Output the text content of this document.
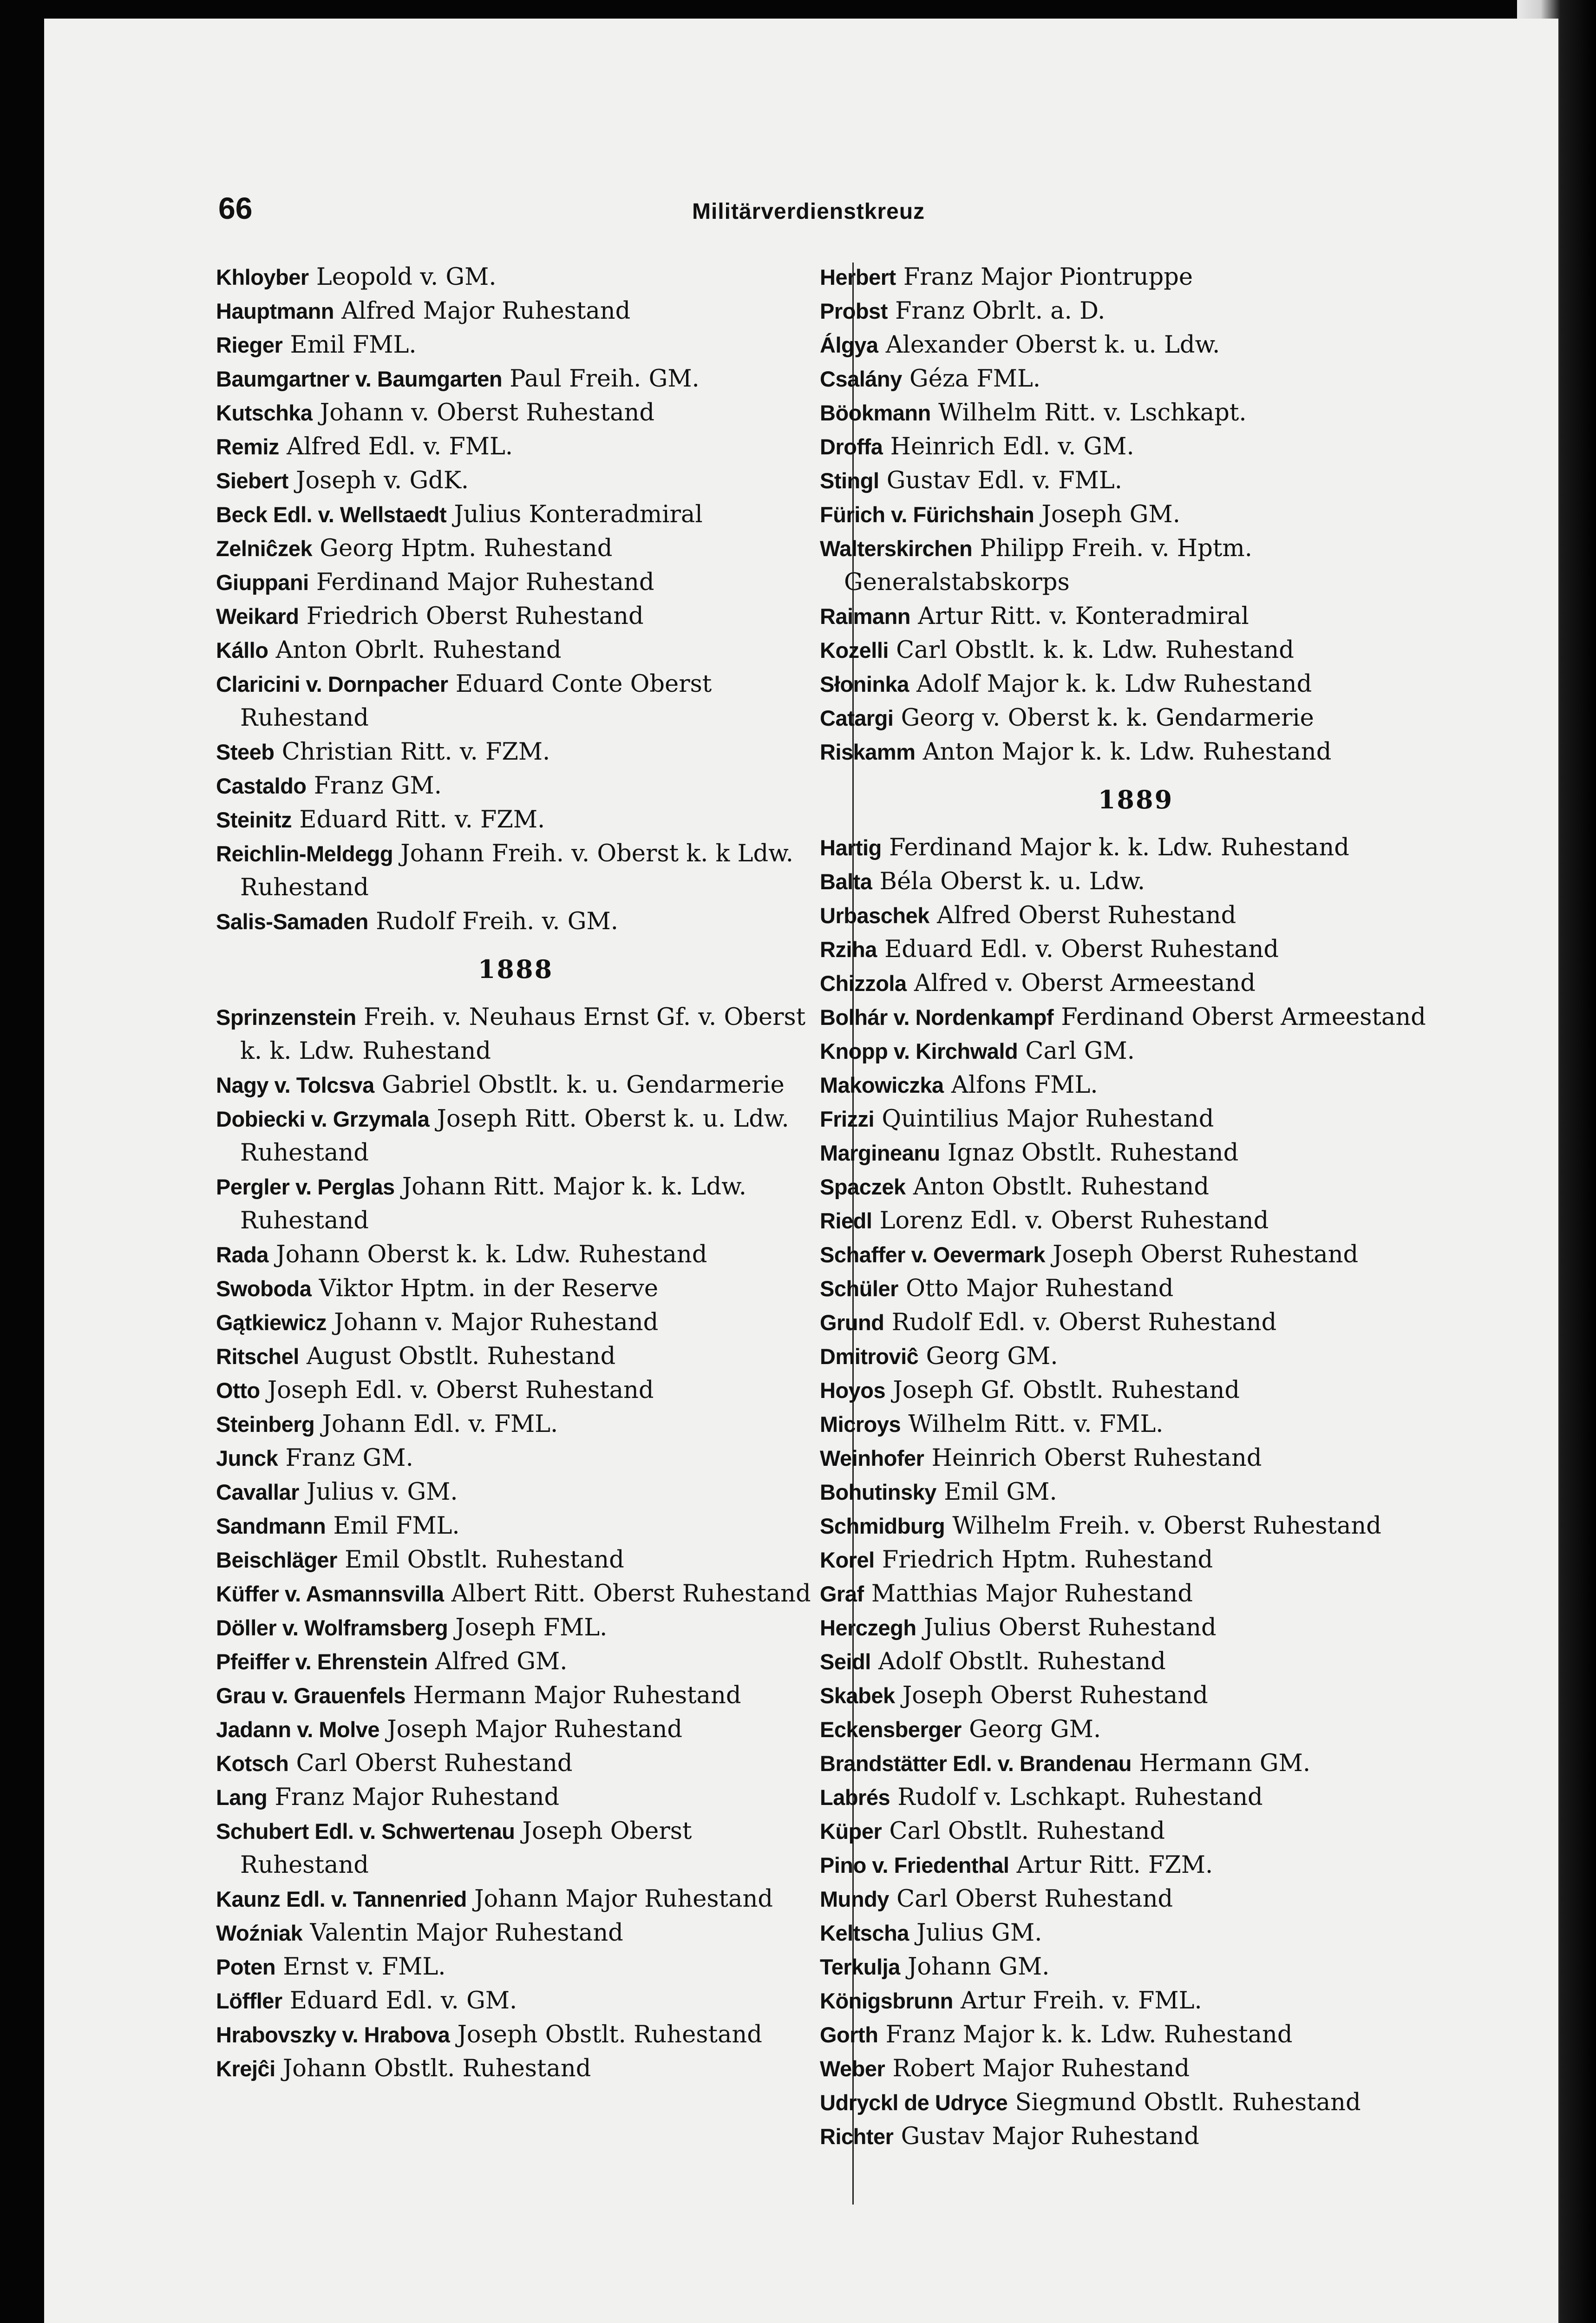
66	Militärverdienstkreuz

Khloyber Leopold v. GM.

Hauptmann Alfred Major Ruhestand

Rieger Emil FML.

Baumgartner v. Baumgarten Paul Freih. GM.

Kutschka Johann v. Oberst Ruhestand

Remiz Alfred Edl. v. FML.

Siebert Joseph v. GdK.

Beck Edl. v. Wellstaedt Julius Konteradmiral

Zelniĉzek Georg Hptm. Ruhestand

Giuppani Ferdinand Major Ruhestand

Weikard Friedrich Oberst Ruhestand

Kállo Anton Obrlt. Ruhestand

Claricini v. Dornpacher Eduard Conte Oberst Ruhestand

Steeb Christian Ritt. v. FZM.

Castaldo Franz GM.

Steinitz Eduard Ritt. v. FZM.

Reichlin-Meldegg Johann Freih. v. Oberst k. k Ldw. Ruhestand

Salis-Samaden Rudolf Freih. v. GM.

1888

Sprinzenstein Freih. v. Neuhaus Ernst Gf. v. Oberst k. k. Ldw. Ruhestand

Nagy v. Tolcsva Gabriel Obstlt. k. u. Gendarmerie

Dobiecki v. Grzymala Joseph Ritt. Oberst k. u. Ldw. Ruhestand

Pergler v. Perglas Johann Ritt. Major k. k. Ldw. Ruhestand

Rada Johann Oberst k. k. Ldw. Ruhestand

Swoboda Viktor Hptm. in der Reserve

Gątkiewicz Johann v. Major Ruhestand

Ritschel August Obstlt. Ruhestand

Otto Joseph Edl. v. Oberst Ruhestand

Steinberg Johann Edl. v. FML.

Junck Franz GM.

Cavallar Julius v. GM.

Sandmann Emil FML.

Beischläger Emil Obstlt. Ruhestand

Küffer v. Asmannsvilla Albert Ritt. Oberst Ruhestand

Döller v. Wolframsberg Joseph FML.

Pfeiffer v. Ehrenstein Alfred GM.

Grau v. Grauenfels Hermann Major Ruhestand

Jadann v. Molve Joseph Major Ruhestand

Kotsch Carl Oberst Ruhestand

Lang Franz Major Ruhestand

Schubert Edl. v. Schwertenau Joseph Oberst Ruhestand

Kaunz Edl. v. Tannenried Johann Major Ruhestand

Woźniak Valentin Major Ruhestand

Poten Ernst v. FML.

Löffler Eduard Edl. v. GM.

Hrabovszky v. Hrabova Joseph Obstlt. Ruhestand

Krejĉi Johann Obstlt. Ruhestand

Herbert Franz Major Piontruppe

Probst Franz Obrlt. a. D.

Álgya Alexander Oberst k. u. Ldw.

Csalány Géza FML.

Böokmann Wilhelm Ritt. v. Lschkapt.

Droffa Heinrich Edl. v. GM.

Stingl Gustav Edl. v. FML.

Fürich v. Fürichshain Joseph GM.

Walterskirchen Philipp Freih. v. Hptm. Generalstabskorps

Raimann Artur Ritt. v. Konteradmiral

Kozelli Carl Obstlt. k. k. Ldw. Ruhestand

Słoninka Adolf Major k. k. Ldw Ruhestand

Catargi Georg v. Oberst k. k. Gendarmerie

Riskamm Anton Major k. k. Ldw. Ruhestand

1889

Hartig Ferdinand Major k. k. Ldw. Ruhestand

Balta Béla Oberst k. u. Ldw.

Urbaschek Alfred Oberst Ruhestand

Rziha Eduard Edl. v. Oberst Ruhestand

Chizzola Alfred v. Oberst Armeestand

Bolhár v. Nordenkampf Ferdinand Oberst Armeestand

Knopp v. Kirchwald Carl GM.

Makowiczka Alfons FML.

Frizzi Quintilius Major Ruhestand

Margineanu Ignaz Obstlt. Ruhestand

Spaczek Anton Obstlt. Ruhestand

Riedl Lorenz Edl. v. Oberst Ruhestand

Schaffer v. Oevermark Joseph Oberst Ruhestand

Schüler Otto Major Ruhestand

Grund Rudolf Edl. v. Oberst Ruhestand

Dmitroviĉ Georg GM.

Hoyos Joseph Gf. Obstlt. Ruhestand

Microys Wilhelm Ritt. v. FML.

Weinhofer Heinrich Oberst Ruhestand

Bohutinsky Emil GM.

Schmidburg Wilhelm Freih. v. Oberst Ruhestand

Korel Friedrich Hptm. Ruhestand

Graf Matthias Major Ruhestand

Herczegh Julius Oberst Ruhestand

Seidl Adolf Obstlt. Ruhestand

Skabek Joseph Oberst Ruhestand

Eckensberger Georg GM.

Brandstätter Edl. v. Brandenau Hermann GM.

Labrés Rudolf v. Lschkapt. Ruhestand

Küper Carl Obstlt. Ruhestand

Pino v. Friedenthal Artur Ritt. FZM.

Mundy Carl Oberst Ruhestand

Keltscha Julius GM.

Terkulja Johann GM.

Königsbrunn Artur Freih. v. FML.

Gorth Franz Major k. k. Ldw. Ruhestand

Weber Robert Major Ruhestand

Udryckl de Udryce Siegmund Obstlt. Ruhestand

Richter Gustav Major Ruhestand
